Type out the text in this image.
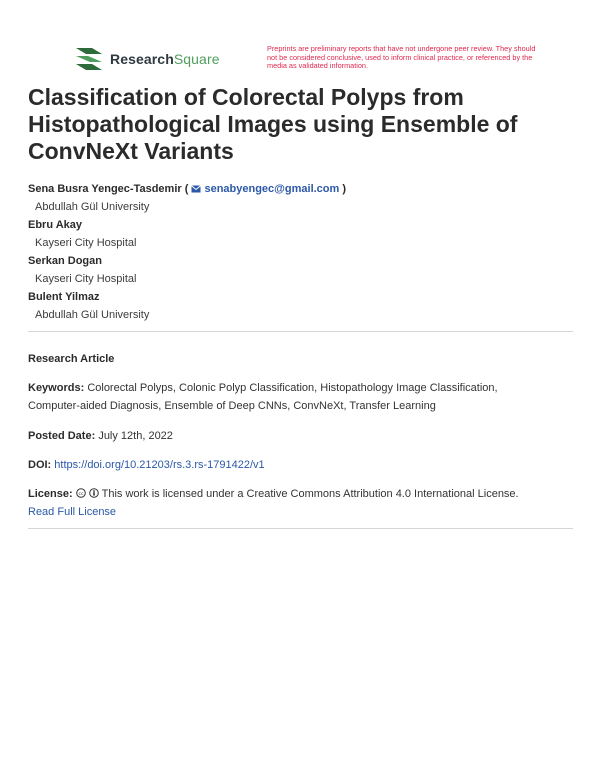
ResearchSquare
Preprints are preliminary reports that have not undergone peer review. They should not be considered conclusive, used to inform clinical practice, or referenced by the media as validated information.
Classification of Colorectal Polyps from Histopathological Images using Ensemble of ConvNeXt Variants
Sena Busra Yengec-Tasdemir ( senabyengec@gmail.com )
Abdullah Gül University
Ebru Akay
Kayseri City Hospital
Serkan Dogan
Kayseri City Hospital
Bulent Yilmaz
Abdullah Gül University
Research Article
Keywords: Colorectal Polyps, Colonic Polyp Classification, Histopathology Image Classification,
Computer-aided Diagnosis, Ensemble of Deep CNNs, ConvNeXt, Transfer Learning
Posted Date: July 12th, 2022
DOI: https://doi.org/10.21203/rs.3.rs-1791422/v1
License: cc This work is licensed under a Creative Commons Attribution 4.0 International License.
Read Full License
